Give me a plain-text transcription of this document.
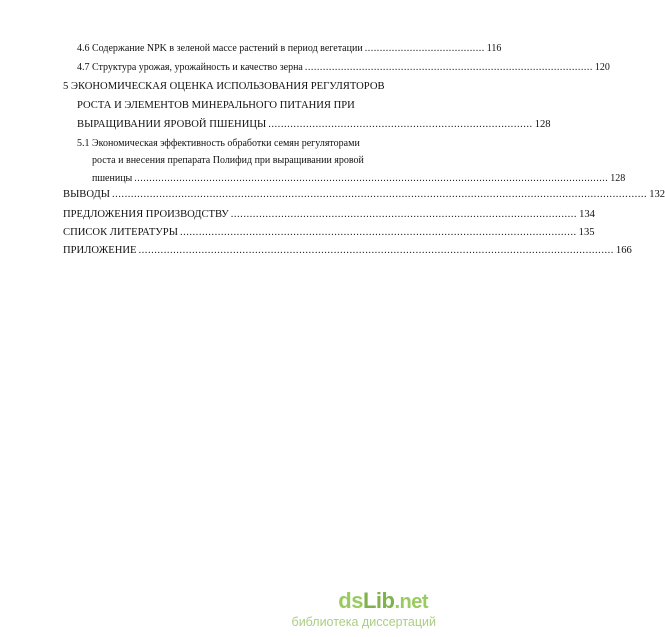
4.6 Содержание NPK в зеленой массе растений в период вегетации ........................................ 116
4.7 Структура урожая, урожайность и качество зерна ................................................................................................ 120
5 ЭКОНОМИЧЕСКАЯ ОЦЕНКА ИСПОЛЬЗОВАНИЯ РЕГУЛЯТОРОВ
РОСТА И ЭЛЕМЕНТОВ МИНЕРАЛЬНОГО ПИТАНИЯ ПРИ
ВЫРАЩИВАНИИ ЯРОВОЙ ПШЕНИЦЫ .................................................................................... 128
5.1 Экономическая эффективность обработки семян регуляторами
роста и внесения препарата Полифид при выращивании яровой
пшеницы .............................................................................................................................................................. 128
ВЫВОДЫ .......................................................................................................................................................................... 132
ПРЕДЛОЖЕНИЯ ПРОИЗВОДСТВУ .............................................................................................................. 134
СПИСОК ЛИТЕРАТУРЫ .............................................................................................................................. 135
ПРИЛОЖЕНИЕ ....................................................................................................................................................... 166
dsLib.net
библиотека диссертаций
